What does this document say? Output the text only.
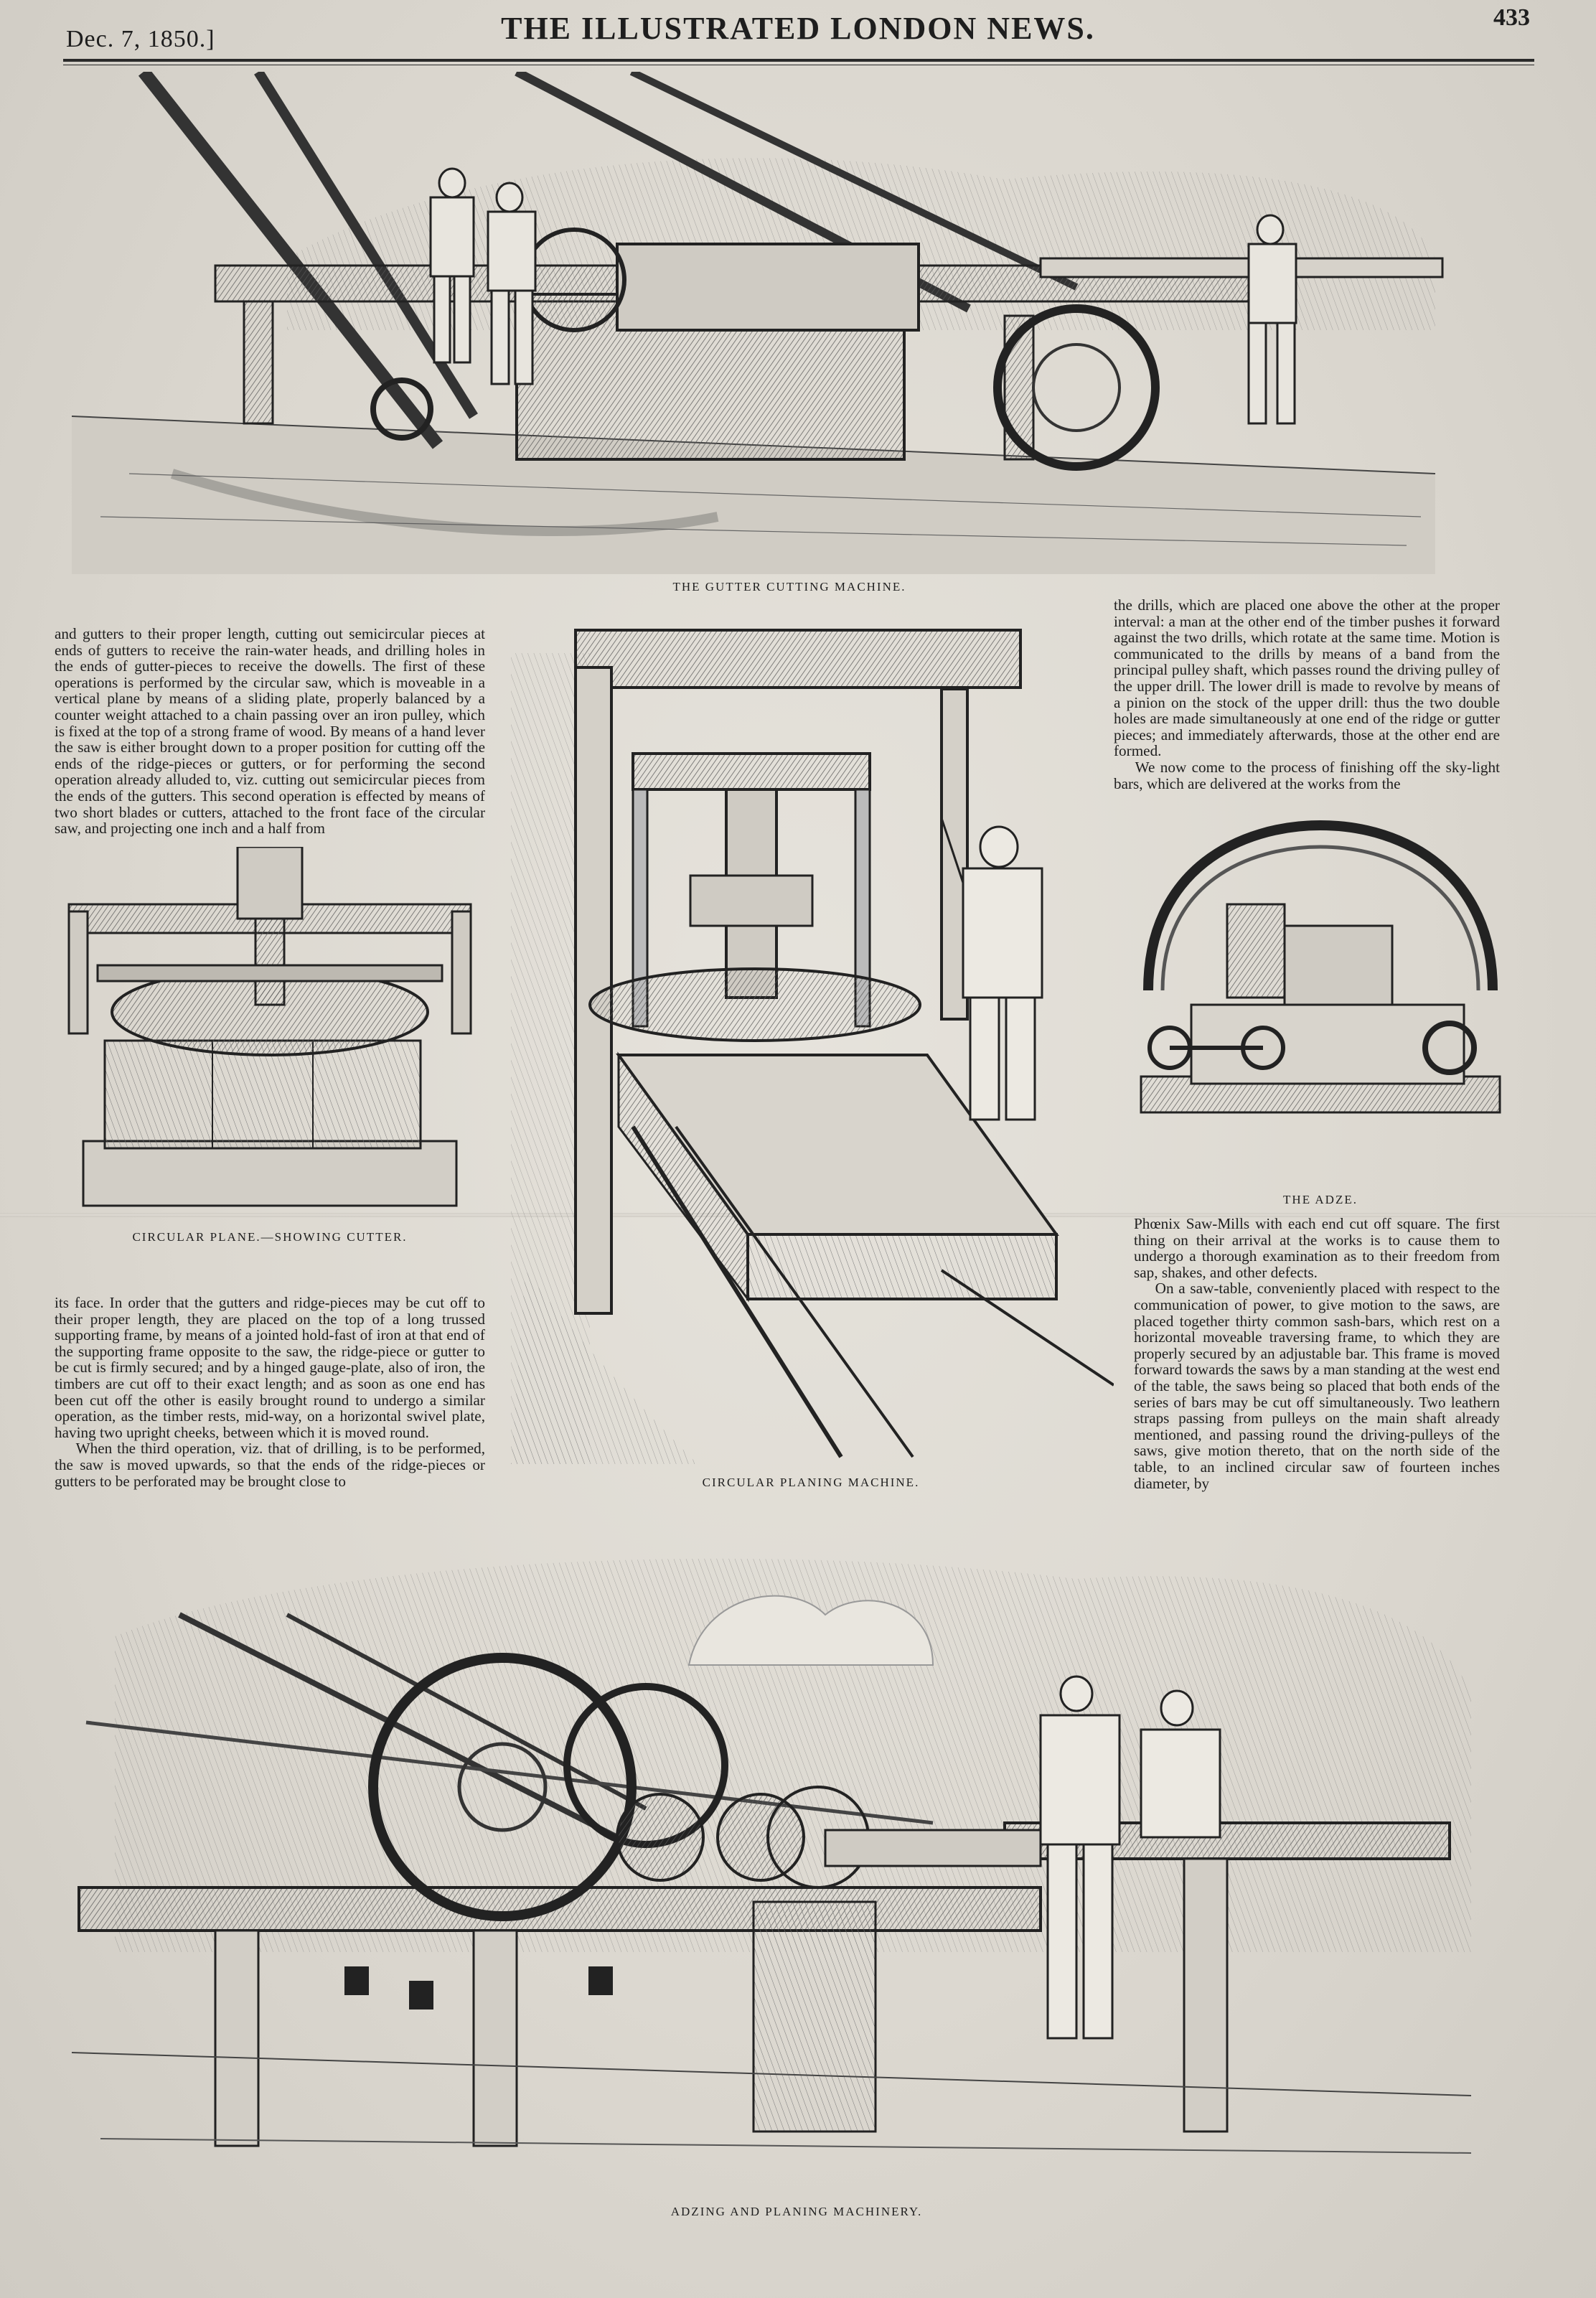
Dec. 7, 1850.]	THE ILLUSTRATED LONDON NEWS.	433
THE GUTTER CUTTING MACHINE.

and gutters to their proper length, cutting out semicircular pieces at ends of gutters to receive the rain-water heads, and drilling holes in the ends of gutter-pieces to receive the dowells. The first of these operations is performed by the circular saw, which is moveable in a vertical plane by means of a sliding plate, properly balanced by a counter weight attached to a chain passing over an iron pulley, which is fixed at the top of a strong frame of wood. By means of a hand lever the saw is either brought down to a proper position for cutting off the ends of the ridge-pieces or gutters, or for performing the second operation already alluded to, viz. cutting out semicircular pieces from the ends of the gutters. This second operation is effected by means of two short blades or cutters, attached to the front face of the circular saw, and projecting one inch and a half from

CIRCULAR PLANE.—SHOWING CUTTER.

its face. In order that the gutters and ridge-pieces may be cut off to their proper length, they are placed on the top of a long trussed supporting frame, by means of a jointed hold-fast of iron at that end of the supporting frame opposite to the saw, the ridge-piece or gutter to be cut is firmly secured; and by a hinged gauge-plate, also of iron, the timbers are cut off to their exact length; and as soon as one end has been cut off the other is easily brought round to undergo a similar operation, as the timber rests, mid-way, on a horizontal swivel plate, having two upright cheeks, between which it is moved round.

When the third operation, viz. that of drilling, is to be performed, the saw is moved upwards, so that the ends of the ridge-pieces or gutters to be perforated may be brought close to	CIRCULAR PLANING MACHINE.

the drills, which are placed one above the other at the proper interval: a man at the other end of the timber pushes it forward against the two drills, which rotate at the same time. Motion is communicated to the drills by means of a band from the principal pulley shaft, which passes round the driving pulley of the upper drill. The lower drill is made to revolve by means of a pinion on the stock of the upper drill: thus the two double holes are made simultaneously at one end of the ridge or gutter pieces; and immediately afterwards, those at the other end are formed.

We now come to the process of finishing off the sky-light bars, which are delivered at the works from the

THE ADZE.

Phœnix Saw-Mills with each end cut off square. The first thing on their arrival at the works is to cause them to undergo a thorough examination as to their freedom from sap, shakes, and other defects.

On a saw-table, conveniently placed with respect to the communication of power, to give motion to the saws, are placed together thirty common sash-bars, which rest on a horizontal moveable traversing frame, to which they are properly secured by an adjustable bar. This frame is moved forward towards the saws by a man standing at the west end of the table, the saws being so placed that both ends of the series of bars may be cut off simultaneously. Two leathern straps passing from pulleys on the main shaft already mentioned, and passing round the driving-pulleys of the saws, give motion thereto, that on the north side of the table, to an inclined circular saw of fourteen inches diameter, by

ADZING AND PLANING MACHINERY.
